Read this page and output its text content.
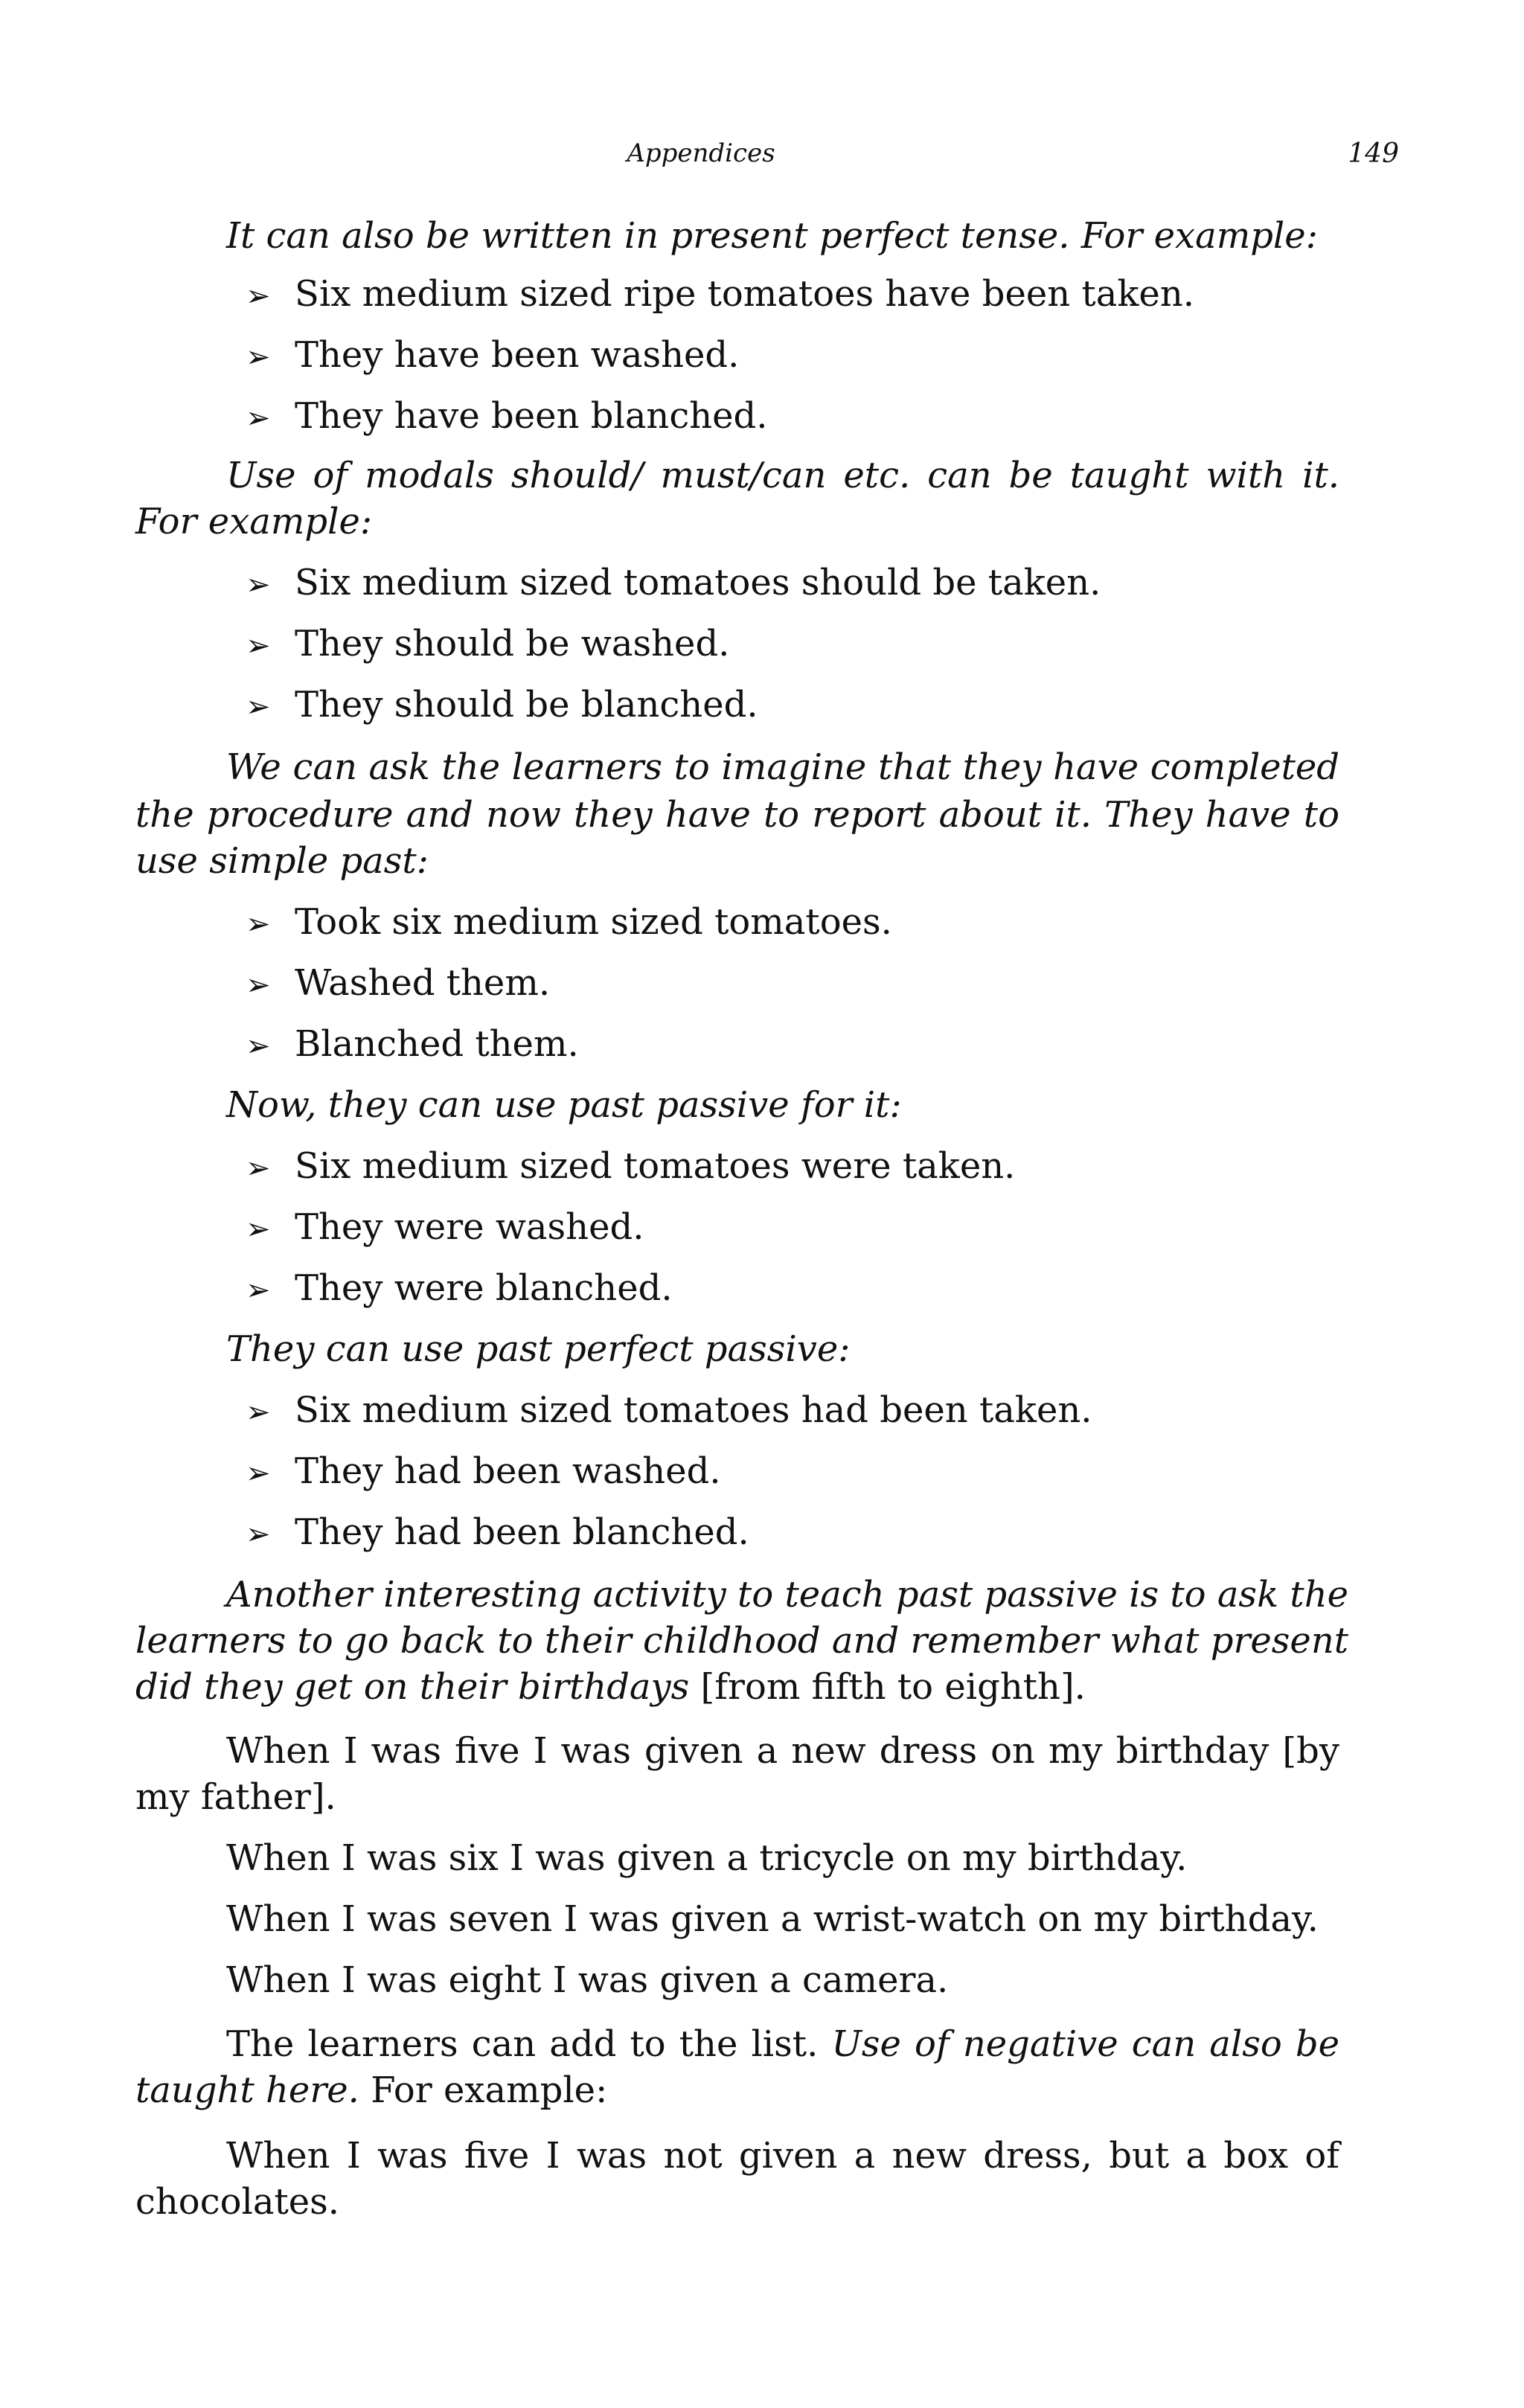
Appendices	149

It can also be written in present perfect tense. For example:

➢ Six medium sized ripe tomatoes have been taken.

➢ They have been washed.

➢ They have been blanched.

Use of modals should/ must/can etc. can be taught with it.

For example:

➢ Six medium sized tomatoes should be taken.

➢ They should be washed.

➢ They should be blanched.

We can ask the learners to imagine that they have completed

the procedure and now they have to report about it. They have to

use simple past:

➢ Took six medium sized tomatoes.

➢ Washed them.

➢ Blanched them.

Now, they can use past passive for it:

➢ Six medium sized tomatoes were taken.

➢ They were washed.

➢ They were blanched.

They can use past perfect passive:

➢ Six medium sized tomatoes had been taken.

➢ They had been washed.

➢ They had been blanched.

Another interesting activity to teach past passive is to ask the

learners to go back to their childhood and remember what present

did they get on their birthdays [from fifth to eighth].

When I was five I was given a new dress on my birthday [by

my father].

When I was six I was given a tricycle on my birthday.

When I was seven I was given a wrist-watch on my birthday.

When I was eight I was given a camera.

The learners can add to the list. Use of negative can also be

taught here. For example:

When I was five I was not given a new dress, but a box of

chocolates.
